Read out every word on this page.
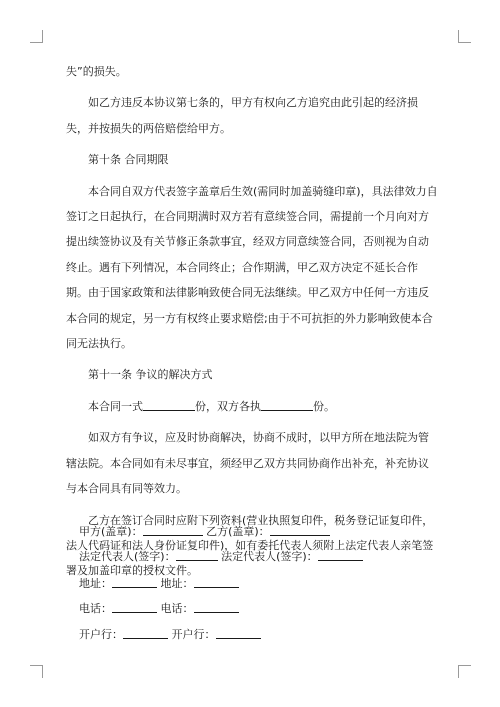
失”的损失。

如乙方违反本协议第七条的，甲方有权向乙方追究由此引起的经济损失，并按损失的两倍赔偿给甲方。

第十条 合同期限

本合同自双方代表签字盖章后生效(需同时加盖骑缝印章)，具法律效力自签订之日起执行，在合同期满时双方若有意续签合同，需提前一个月向对方提出续签协议及有关节修正条款事宜，经双方同意续签合同，否则视为自动终止。遇有下列情况，本合同终止；合作期满，甲乙双方决定不延长合作期。由于国家政策和法律影响致使合同无法继续。甲乙双方中任何一方违反本合同的规定，另一方有权终止要求赔偿;由于不可抗拒的外力影响致使本合同无法执行。

第十一条 争议的解决方式

本合同一式	份，双方各执	份。

如双方有争议，应及时协商解决，协商不成时，以甲方所在地法院为管辖法院。本合同如有未尽事宜，须经甲乙双方共同协商作出补充，补充协议与本合同具有同等效力。

乙方在签订合同时应附下列资料(营业执照复印件，税务登记证复印件，法人代码证和法人身份证复印件)，如有委托代表人须附上法定代表人亲笔签署及加盖印章的授权文件。

甲方(盖章)：	乙方(盖章)：
法定代表人(签字)：	法定代表人(签字)：
地址：	地址：
电话：	电话：
开户行：	开户行：
